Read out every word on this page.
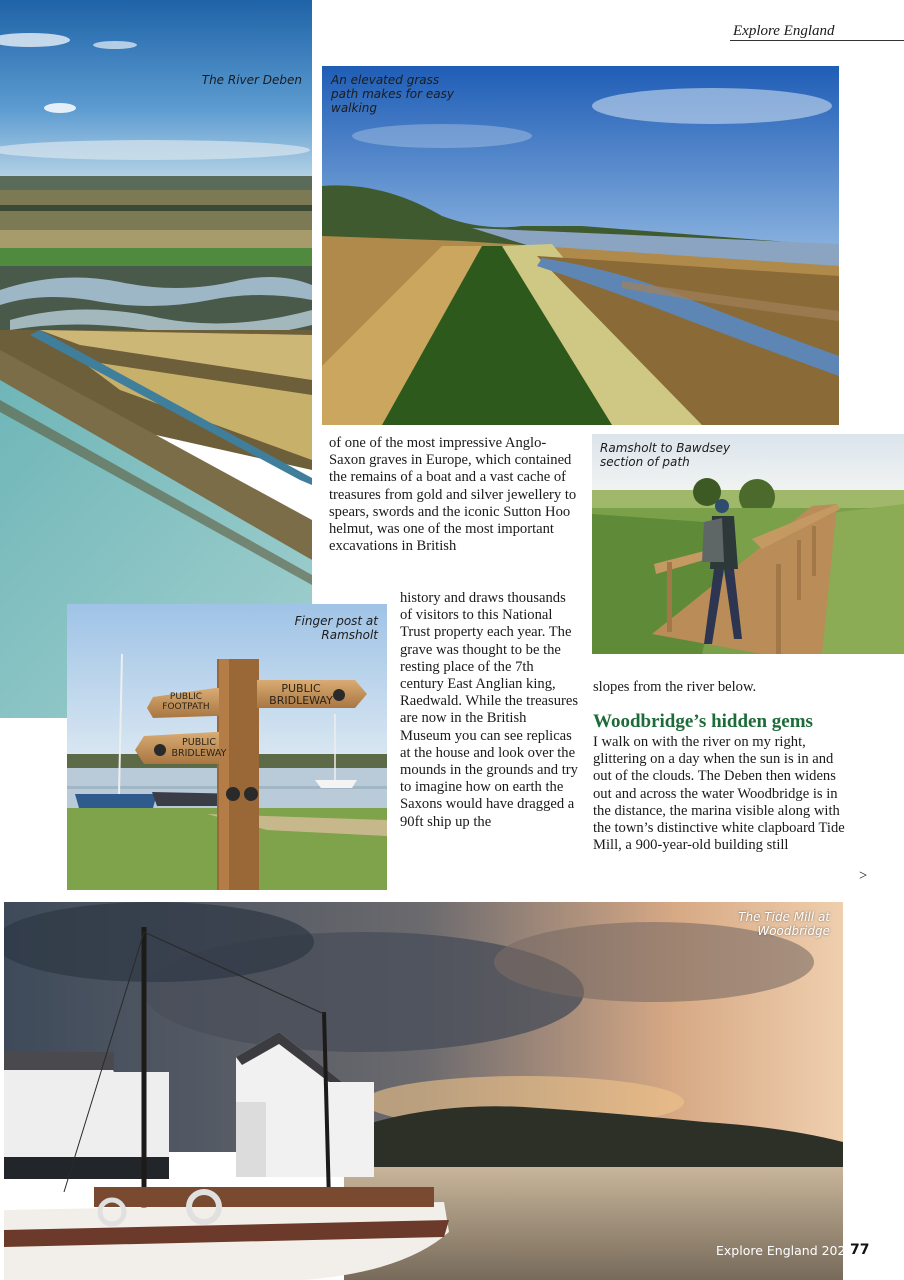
Explore England
The River Deben An elevated grass path makes for easy walking
Ramsholt to Bawdsey section of path
PUBLIC
FOOTPATH
PUBLIC
BRIDLEWAY
PUBLIC
BRIDLEWAY
Finger post at Ramsholt

of one of the most impressive Anglo-Saxon graves in Europe, which contained the remains of a boat and a vast cache of treasures from gold and silver jewellery to spears, swords and the iconic Sutton Hoo helmut, was one of the most important excavations in British

history and draws thousands of visitors to this National Trust property each year. The grave was thought to be the resting place of the 7th century East Anglian king, Raedwald. While the treasures are now in the British Museum you can see replicas at the house and look over the mounds in the grounds and try to imagine how on earth the Saxons would have dragged a 90ft ship up the

slopes from the river below.

Woodbridge’s hidden gems

I walk on with the river on my right, glittering on a day when the sun is in and out of the clouds. The Deben then widens out and across the water Woodbridge is in the distance, the marina visible along with the town’s distinctive white clapboard Tide Mill, a 900-year-old building still

>
The Tide Mill at Woodbridge
Explore England 2026
77
